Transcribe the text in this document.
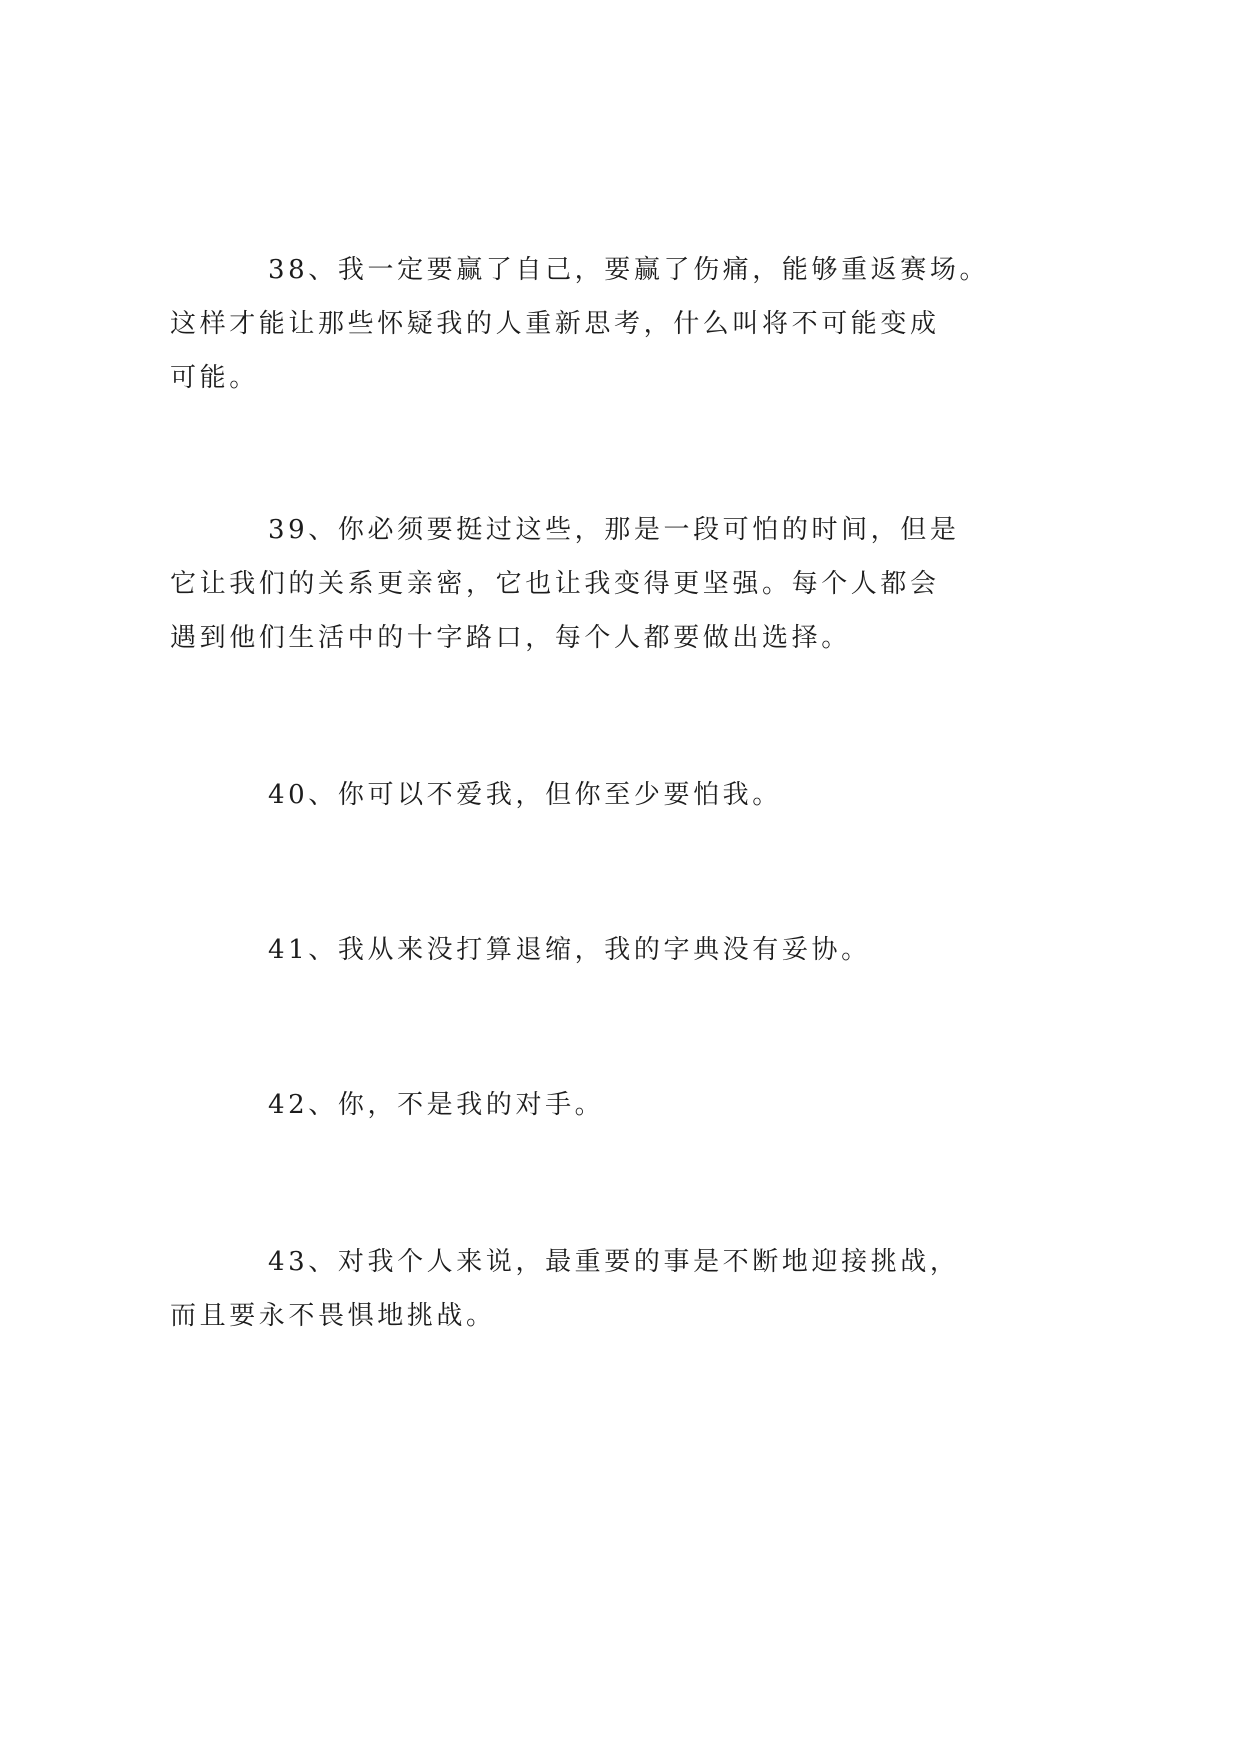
38、我一定要赢了自己，要赢了伤痛，能够重返赛场。
这样才能让那些怀疑我的人重新思考，什么叫将不可能变成
可能。
39、你必须要挺过这些，那是一段可怕的时间，但是
它让我们的关系更亲密，它也让我变得更坚强。每个人都会
遇到他们生活中的十字路口，每个人都要做出选择。
40、你可以不爱我，但你至少要怕我。
41、我从来没打算退缩，我的字典没有妥协。
42、你，不是我的对手。
43、对我个人来说，最重要的事是不断地迎接挑战，
而且要永不畏惧地挑战。
